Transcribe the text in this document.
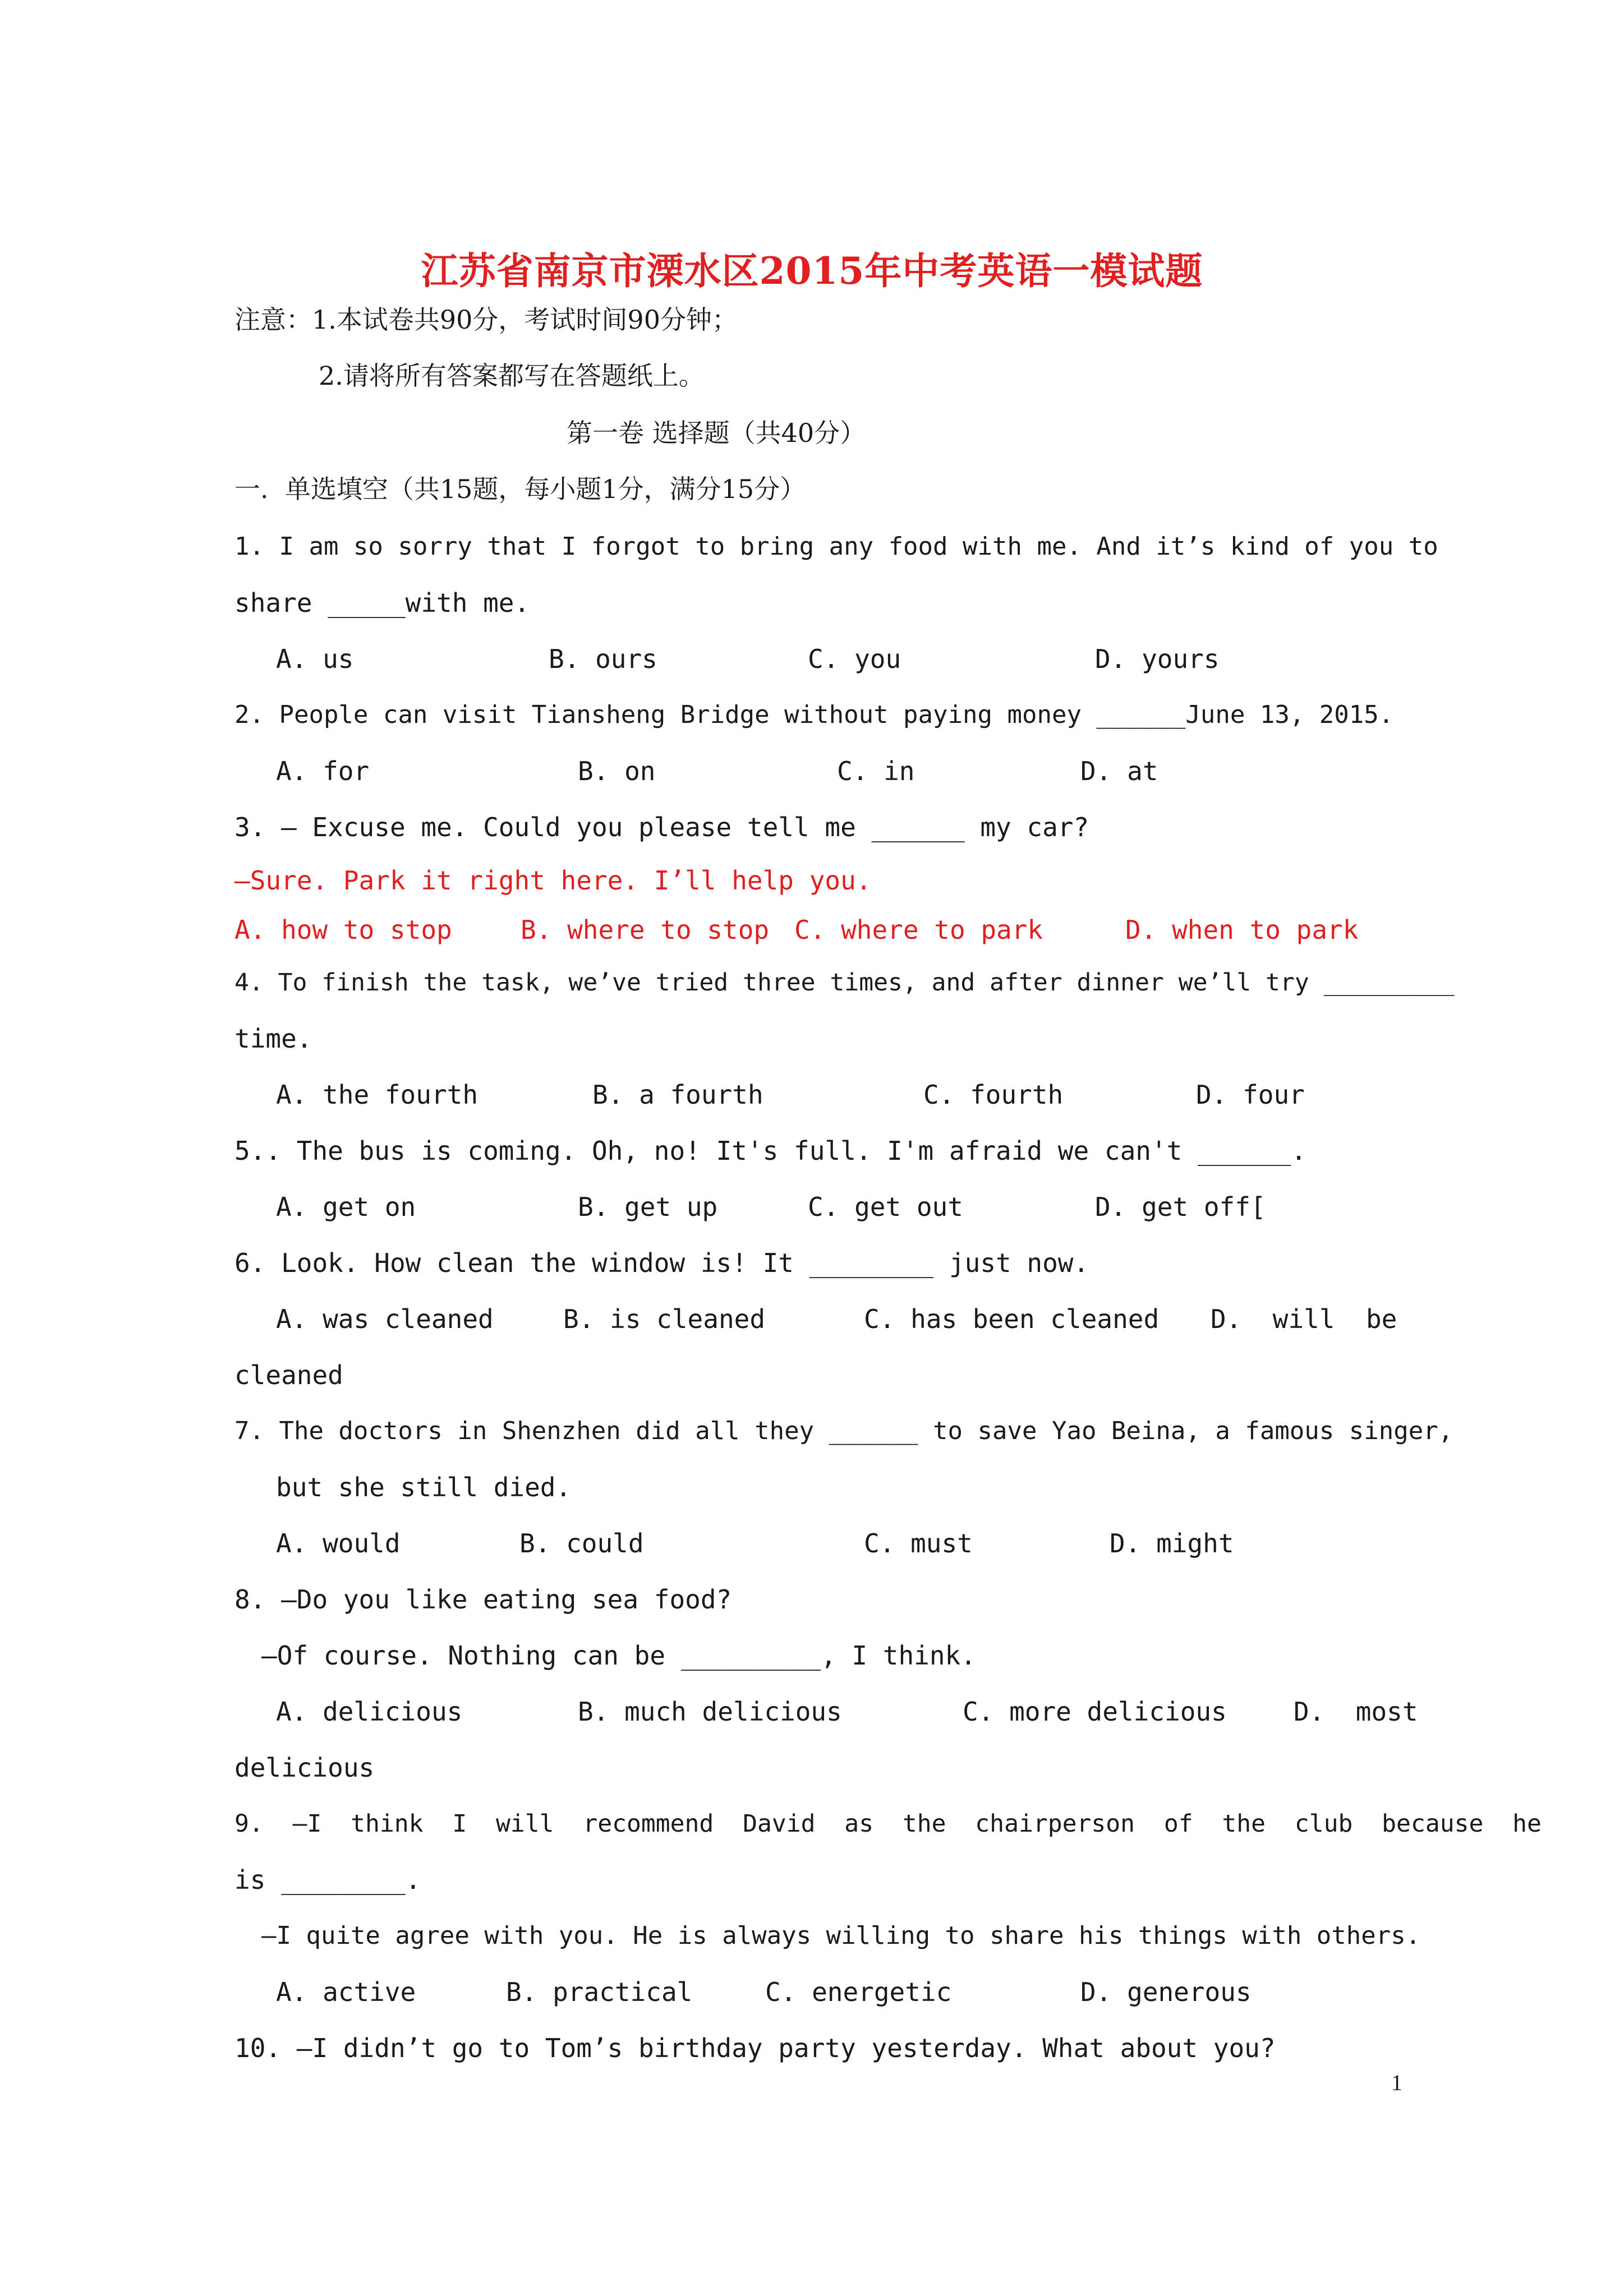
江苏省南京市溧水区2015年中考英语一模试题
注意：1.本试卷共90分，考试时间90分钟；
2.请将所有答案都写在答题纸上。
第一卷 选择题（共40分）
一.  单选填空（共15题，每小题1分，满分15分）
1. I am so sorry that I forgot to bring any food with me. And it’s kind of you to
share _____with me.
A. us	B. ours	C. you	D. yours
2. People can visit Tiansheng Bridge without paying money ______June 13, 2015.
A. for	B. on	C. in	D. at
3. — Excuse me. Could you please tell me ______ my car?
—Sure. Park it right here. I’ll help you.
A. how to stop	B. where to stop C. where to park	D. when to park
4. To finish the task, we’ve tried three times, and after dinner we’ll try _________
time.
A. the fourth	B. a fourth	C. fourth	D. four
5.. The bus is coming. Oh, no! It's full. I'm afraid we can't ______.
A. get on	B. get up	C. get out	D. get off[
6. Look. How clean the window is! It ________ just now.
A. was cleaned	B. is cleaned	C. has been cleaned D.  will  be
cleaned
7. The doctors in Shenzhen did all they ______ to save Yao Beina, a famous singer,
but she still died.
A. would	B. could	C. must	D. might
8. —Do you like eating sea food?
—Of course. Nothing can be _________, I think.
A. delicious	B. much delicious	C. more delicious	D.  most
delicious
9.  —I  think  I  will  recommend  David  as  the  chairperson  of  the  club  because  he
is ________.
—I quite agree with you. He is always willing to share his things with others.
A. active	B. practical	C. energetic	D. generous
10. —I didn’t go to Tom’s birthday party yesterday. What about you?
1
